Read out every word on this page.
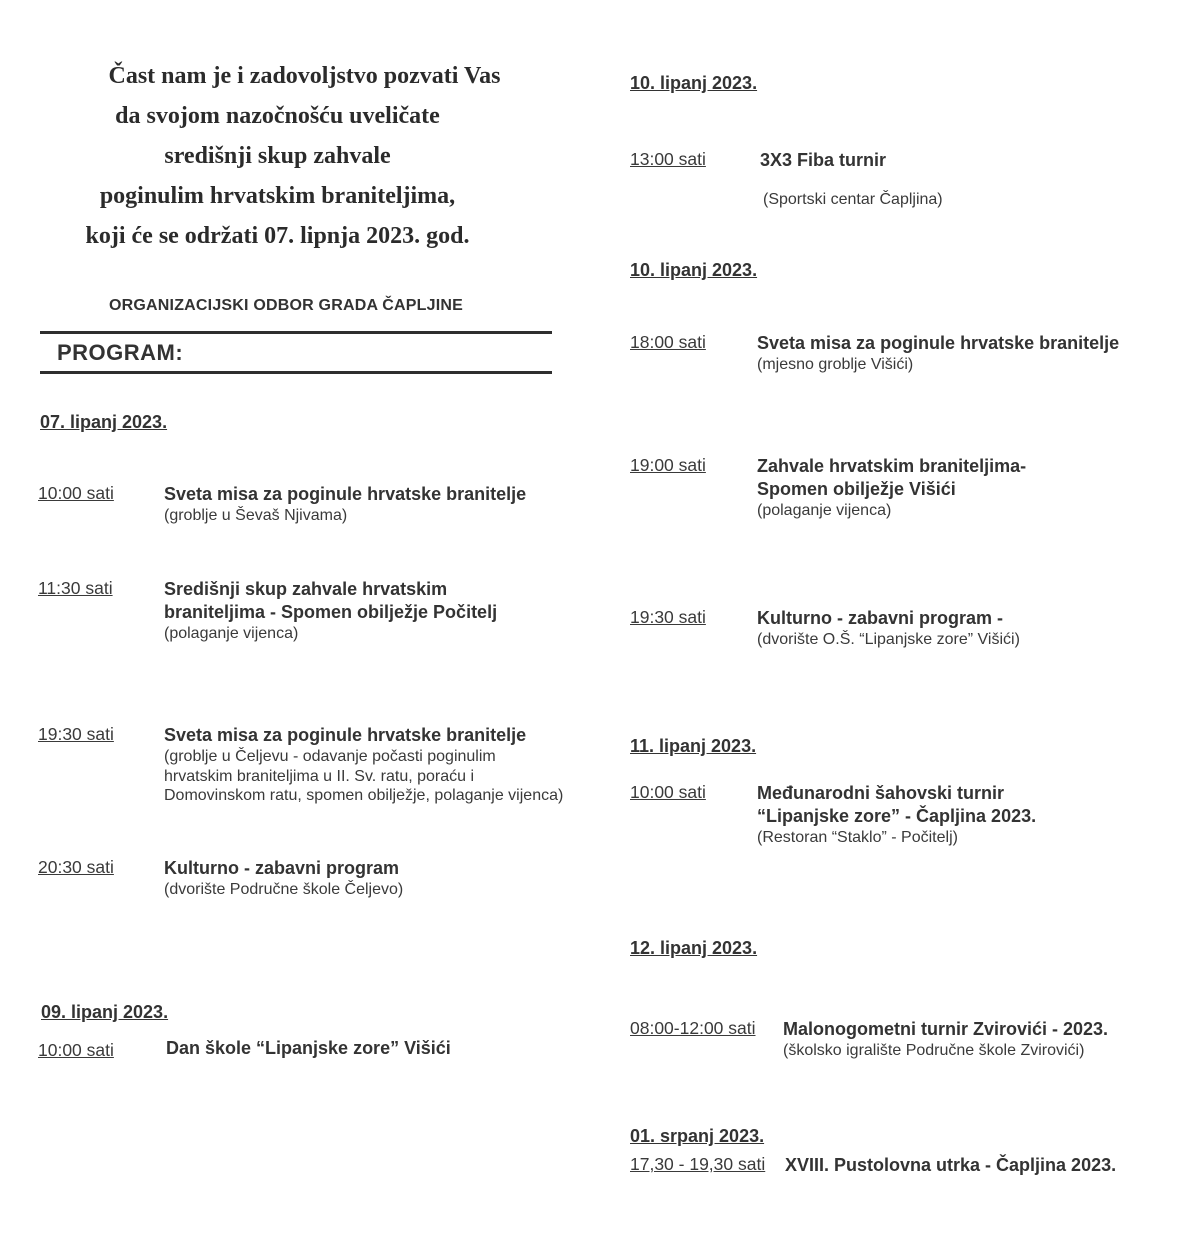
Čast nam je i zadovoljstvo pozvati Vas
da svojom nazočnošću uveličate
središnji skup zahvale
poginulim hrvatskim braniteljima,
koji će se održati 07. lipnja 2023. god.
ORGANIZACIJSKI ODBOR GRADA ČAPLJINE
PROGRAM:
07. lipanj 2023.
10:00 sati	Sveta misa za poginule hrvatske branitelje
(groblje u Ševaš Njivama)
11:30 sati	Središnji skup zahvale hrvatskim
braniteljima - Spomen obilježje Počitelj
(polaganje vijenca)
19:30 sati	Sveta misa za poginule hrvatske branitelje
(groblje u Čeljevu - odavanje počasti poginulim
hrvatskim braniteljima u II. Sv. ratu, poraću i
Domovinskom ratu, spomen obilježje, polaganje vijenca)
20:30 sati	Kulturno - zabavni program
(dvorište Područne škole Čeljevo)
09. lipanj 2023.
10:00 sati	Dan škole “Lipanjske zore” Višići
10. lipanj 2023.
13:00 sati	3X3 Fiba turnir
(Sportski centar Čapljina)
10. lipanj 2023.
18:00 sati	Sveta misa za poginule hrvatske branitelje
(mjesno groblje Višići)
19:00 sati	Zahvale hrvatskim braniteljima-
Spomen obilježje Višići
(polaganje vijenca)
19:30 sati	Kulturno - zabavni program -
(dvorište O.Š. “Lipanjske zore” Višići)
11. lipanj 2023.
10:00 sati	Međunarodni šahovski turnir
“Lipanjske zore” - Čapljina 2023.
(Restoran “Staklo” - Počitelj)
12. lipanj 2023.
08:00-12:00 sati Malonogometni turnir Zvirovići - 2023.
(školsko igralište Područne škole Zvirovići)
01. srpanj 2023.
17,30 - 19,30 sati XVIII. Pustolovna utrka - Čapljina 2023.
